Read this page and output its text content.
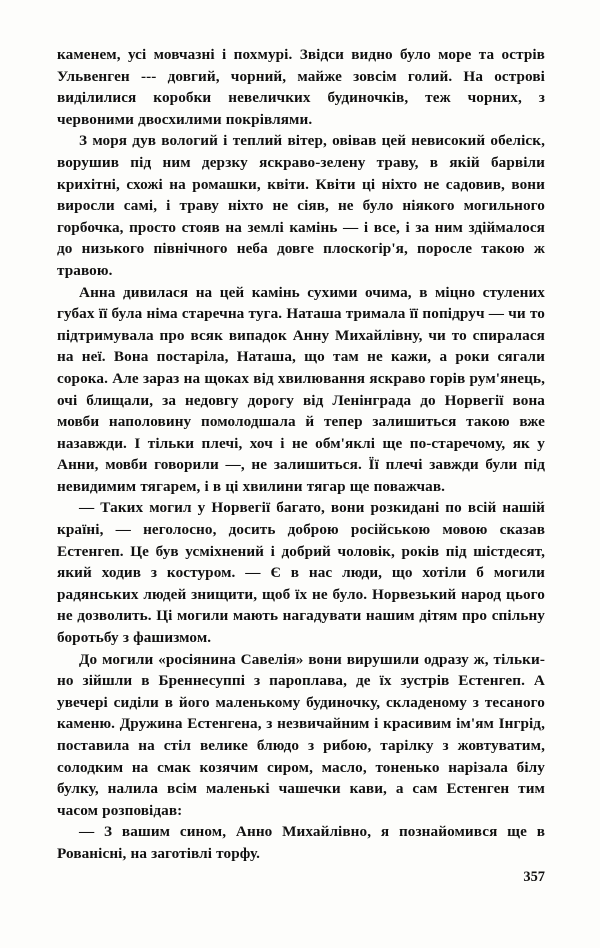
каменем, усі мовчазні і похмурі. Звідси видно було море та острів Ульвенген --- довгий, чорний, майже зовсім голий. На острові виділилися коробки невеличких будиночків, теж чорних, з червоними двосхилими покрівлями.

З моря дув вологий і теплий вітер, овівав цей невисокий обеліск, ворушив під ним дерзку яскраво-зелену траву, в якій барвіли крихітні, схожі на ромашки, квіти. Квіти ці ніхто не садовив, вони виросли самі, і траву ніхто не сіяв, не було ніякого могильного горбочка, просто стояв на землі камінь — і все, і за ним здіймалося до низького північного неба довге плоскогір'я, поросле такою ж травою.

Анна дивилася на цей камінь сухими очима, в міцно стулених губах її була німа старечна туга. Наташа тримала її попідруч — чи то підтримувала про всяк випадок Анну Михайлівну, чи то спиралася на неї. Вона постаріла, Наташа, що там не кажи, а роки сягали сорока. Але зараз на щоках від хвилювання яскраво горів рум'янець, очі блищали, за недовгу дорогу від Ленінграда до Норвегії вона мовби наполовину помолодшала й тепер залишиться такою вже назавжди. І тільки плечі, хоч і не обм'яклі ще по-старечому, як у Анни, мовби говорили —, не залишиться. Її плечі завжди були під невидимим тягарем, і в ці хвилини тягар ще поважчав.

— Таких могил у Норвегії багато, вони розкидані по всій нашій країні, — неголосно, досить доброю російською мовою сказав Естенгеп. Це був усміхнений і добрий чоловік, років під шістдесят, який ходив з костуром. — Є в нас люди, що хотіли б могили радянських людей знищити, щоб їх не було. Норвезький народ цього не дозволить. Ці могили мають нагадувати нашим дітям про спільну боротьбу з фашизмом.

До могили «росіянина Савелія» вони вирушили одразу ж, тільки-но зійшли в Бреннесуппі з пароплава, де їх зустрів Естенгеп. А увечері сиділи в його маленькому будиночку, складеному з тесаного каменю. Дружина Естенгена, з незвичайним і красивим ім'ям Інгрід, поставила на стіл велике блюдо з рибою, тарілку з жовтуватим, солодким на смак козячим сиром, масло, тоненько нарізала білу булку, налила всім маленькі чашечки кави, а сам Естенген тим часом розповідав:

— З вашим сином, Анно Михайлівно, я познайомився ще в Рованісні, на заготівлі торфу.

357
